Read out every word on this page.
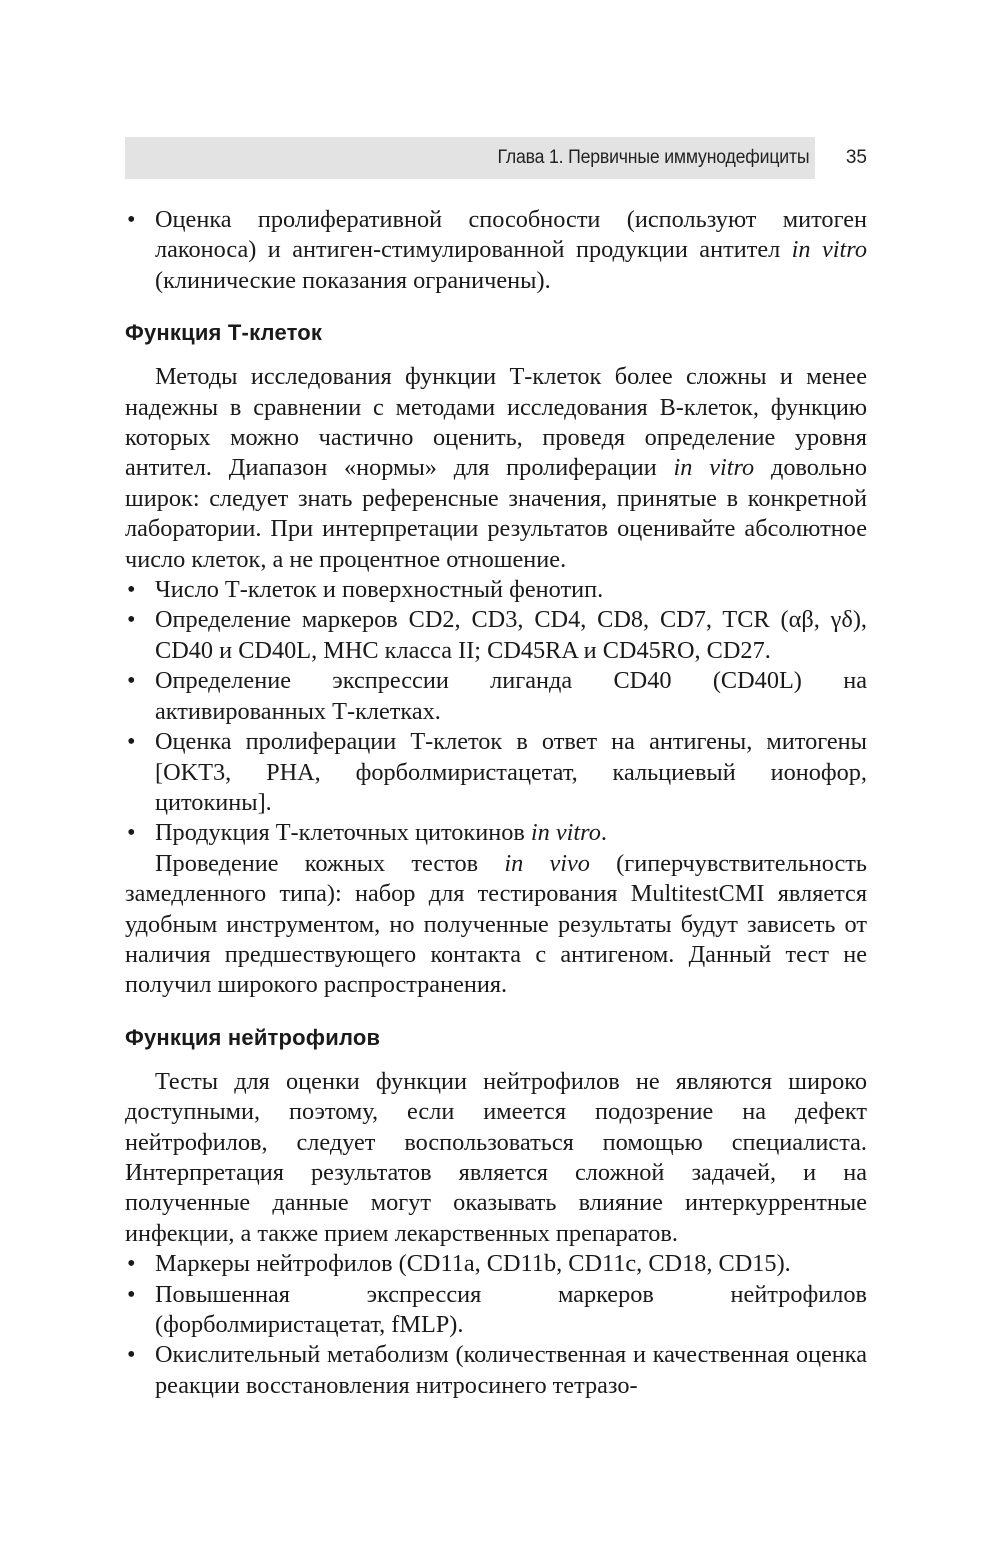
Глава 1. Первичные иммунодефициты 35
• Оценка пролиферативной способности (используют митоген лаконоса) и антиген-стимулированной продукции антител in vitro (клинические показания ограничены).
Функция Т-клеток

Методы исследования функции Т-клеток более сложны и менее надежны в сравнении с методами исследования В-клеток, функцию которых можно частично оценить, проведя определение уровня антител. Диапазон «нормы» для пролиферации in vitro довольно широк: следует знать референсные значения, принятые в конкретной лаборатории. При интерпретации результатов оценивайте абсолютное число клеток, а не процентное отношение.

• Число Т-клеток и поверхностный фенотип.
• Определение маркеров CD2, CD3, CD4, CD8, CD7, TCR (αβ, γδ), CD40 и CD40L, MHC класса II; CD45RA и CD45RO, CD27.
• Определение экспрессии лиганда CD40 (CD40L) на активированных Т-клетках.
• Оценка пролиферации Т-клеток в ответ на антигены, митогены [OKT3, PHA, форболмиристацетат, кальциевый ионофор, цитокины].
• Продукция Т-клеточных цитокинов in vitro.

Проведение кожных тестов in vivo (гиперчувствительность замедленного типа): набор для тестирования MultitestCMI является удобным инструментом, но полученные результаты будут зависеть от наличия предшествующего контакта с антигеном. Данный тест не получил широкого распространения.

Функция нейтрофилов

Тесты для оценки функции нейтрофилов не являются широко доступными, поэтому, если имеется подозрение на дефект нейтрофилов, следует воспользоваться помощью специалиста. Интерпретация результатов является сложной задачей, и на полученные данные могут оказывать влияние интеркуррентные инфекции, а также прием лекарственных препаратов.

• Маркеры нейтрофилов (CD11a, CD11b, CD11c, CD18, CD15).
• Повышенная экспрессия маркеров нейтрофилов (форболмиристацетат, fMLP).
• Окислительный метаболизм (количественная и качественная оценка реакции восстановления нитросинего тетразо-
